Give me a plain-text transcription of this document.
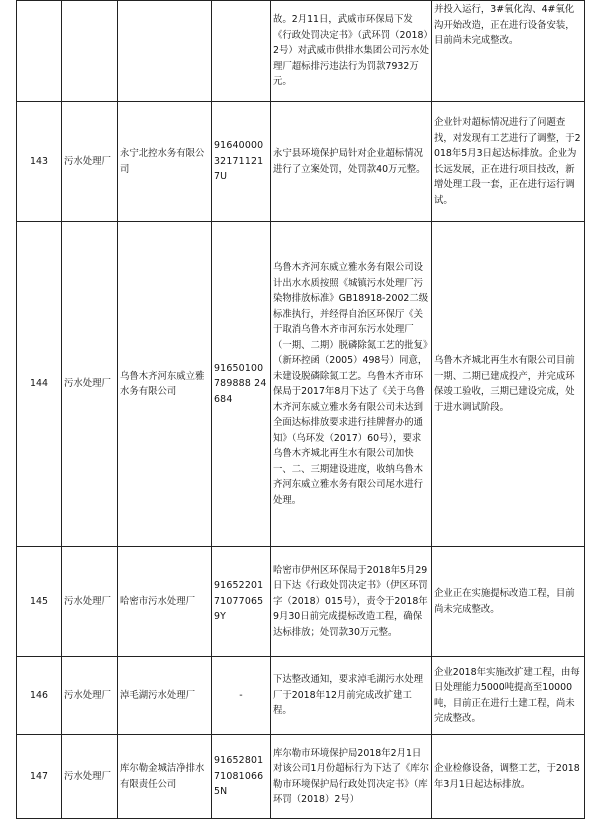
				故。2月11日，武威市环保局下发《行政处罚决定书》（武环罚（2018）2号）对武威市供排水集团公司污水处理厂超标排污违法行为罚款7932万元。	并投入运行，3#氧化沟、4#氧化沟开始改造，正在进行设备安装，目前尚未完成整改。
143	污水处理厂	永宁北控水务有限公司	91640000321711217U	永宁县环境保护局针对企业超标情况进行了立案处罚，处罚款40万元整。	企业针对超标情况进行了问题查找，对发现有工艺进行了调整，于2018年5月3日起达标排放。企业为长远发展，正在进行项目技改，新增处理工段一套，正在进行运行调试。
144	污水处理厂	乌鲁木齐河东威立雅水务有限公司	91650100789888 24684	乌鲁木齐河东威立雅水务有限公司设计出水水质按照《城镇污水处理厂污染物排放标准》GB18918-2002二级标准执行，并经得自治区环保厅《关于取消乌鲁木齐市河东污水处理厂（一期、二期）脱磷除氮工艺的批复》（新环控函（2005）498号）同意，未建设脱磷除氮工艺。乌鲁木齐市环保局于2017年8月下达了《关于乌鲁木齐河东威立雅水务有限公司未达到全面达标排放要求进行挂牌督办的通知》（乌环发（2017）60号），要求乌鲁木齐城北再生水有限公司加快一、二、三期建设进度，收纳乌鲁木齐河东威立雅水务有限公司尾水进行处理。	乌鲁木齐城北再生水有限公司目前一期、二期已建成投产，并完成环保竣工验收，三期已建设完成，处于进水调试阶段。
145	污水处理厂	哈密市污水处理厂	91652201710770659Y	哈密市伊州区环保局于2018年5月29日下达《行政处罚决定书》（伊区环罚字（2018）015号），责令于2018年9月30日前完成提标改造工程，确保达标排放；处罚款30万元整。	企业正在实施提标改造工程，目前尚未完成整改。
146	污水处理厂	淖毛湖污水处理厂	-	下达整改通知，要求淖毛湖污水处理厂于2018年12月前完成改扩建工程。	企业2018年实施改扩建工程，由每日处理能力5000吨提高至10000吨，目前正在进行土建工程，尚未完成整改。
147	污水处理厂	库尔勒金城洁净排水有限责任公司	91652801710810665N	库尔勒市环境保护局2018年2月1日对该公司1月份超标行为下达了《库尔勒市环境保护局行政处罚决定书》（库环罚（2018）2号）	企业检修设备，调整工艺，于2018年3月1日起达标排放。
